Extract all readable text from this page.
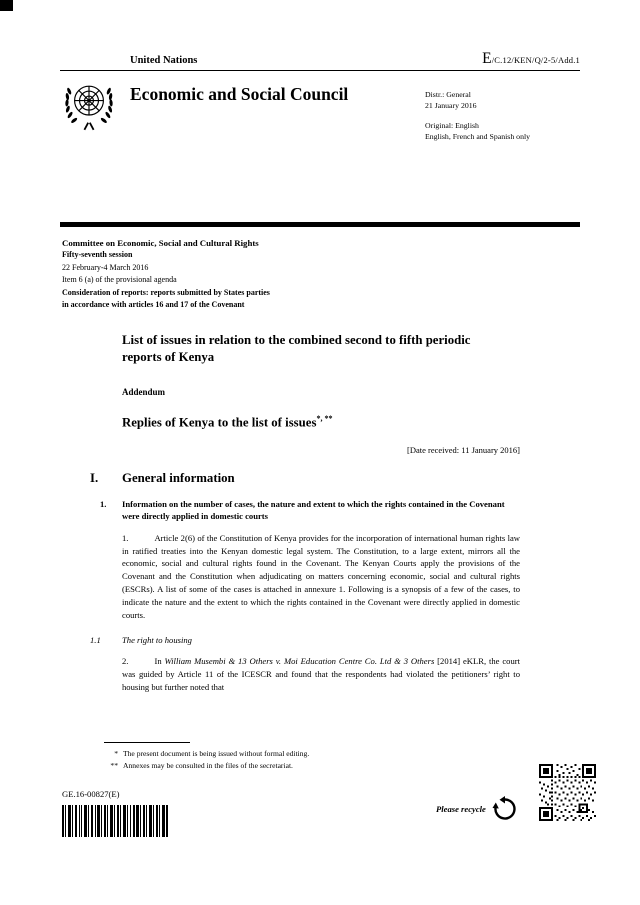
United Nations	E/C.12/KEN/Q/2-5/Add.1
Economic and Social Council	Distr.: General
21 January 2016
Original: English
English, French and Spanish only
Committee on Economic, Social and Cultural Rights
Fifty-seventh session
22 February-4 March 2016
Item 6 (a) of the provisional agenda
Consideration of reports: reports submitted by States parties
in accordance with articles 16 and 17 of the Covenant
List of issues in relation to the combined second to fifth periodic reports of Kenya
Addendum
Replies of Kenya to the list of issues*, **
[Date received: 11 January 2016]
I. General information
1. Information on the number of cases, the nature and extent to which the rights contained in the Covenant were directly applied in domestic courts
1.	Article 2(6) of the Constitution of Kenya provides for the incorporation of international human rights law in ratified treaties into the Kenyan domestic legal system. The Constitution, to a large extent, mirrors all the economic, social and cultural rights found in the Covenant. The Kenyan Courts apply the provisions of the Covenant and the Constitution when adjudicating on matters concerning economic, social and cultural rights (ESCRs). A list of some of the cases is attached in annexure 1. Following is a synopsis of a few of the cases, to indicate the nature and the extent to which the rights contained in the Covenant were directly applied in domestic courts.
1.1 The right to housing
2.	In William Musembi & 13 Others v. Moi Education Centre Co. Ltd & 3 Others [2014] eKLR, the court was guided by Article 11 of the ICESCR and found that the respondents had violated the petitioners’ right to housing but further noted that
* The present document is being issued without formal editing.
** Annexes may be consulted in the files of the secretariat.
GE.16-00827(E)
Please recycle
